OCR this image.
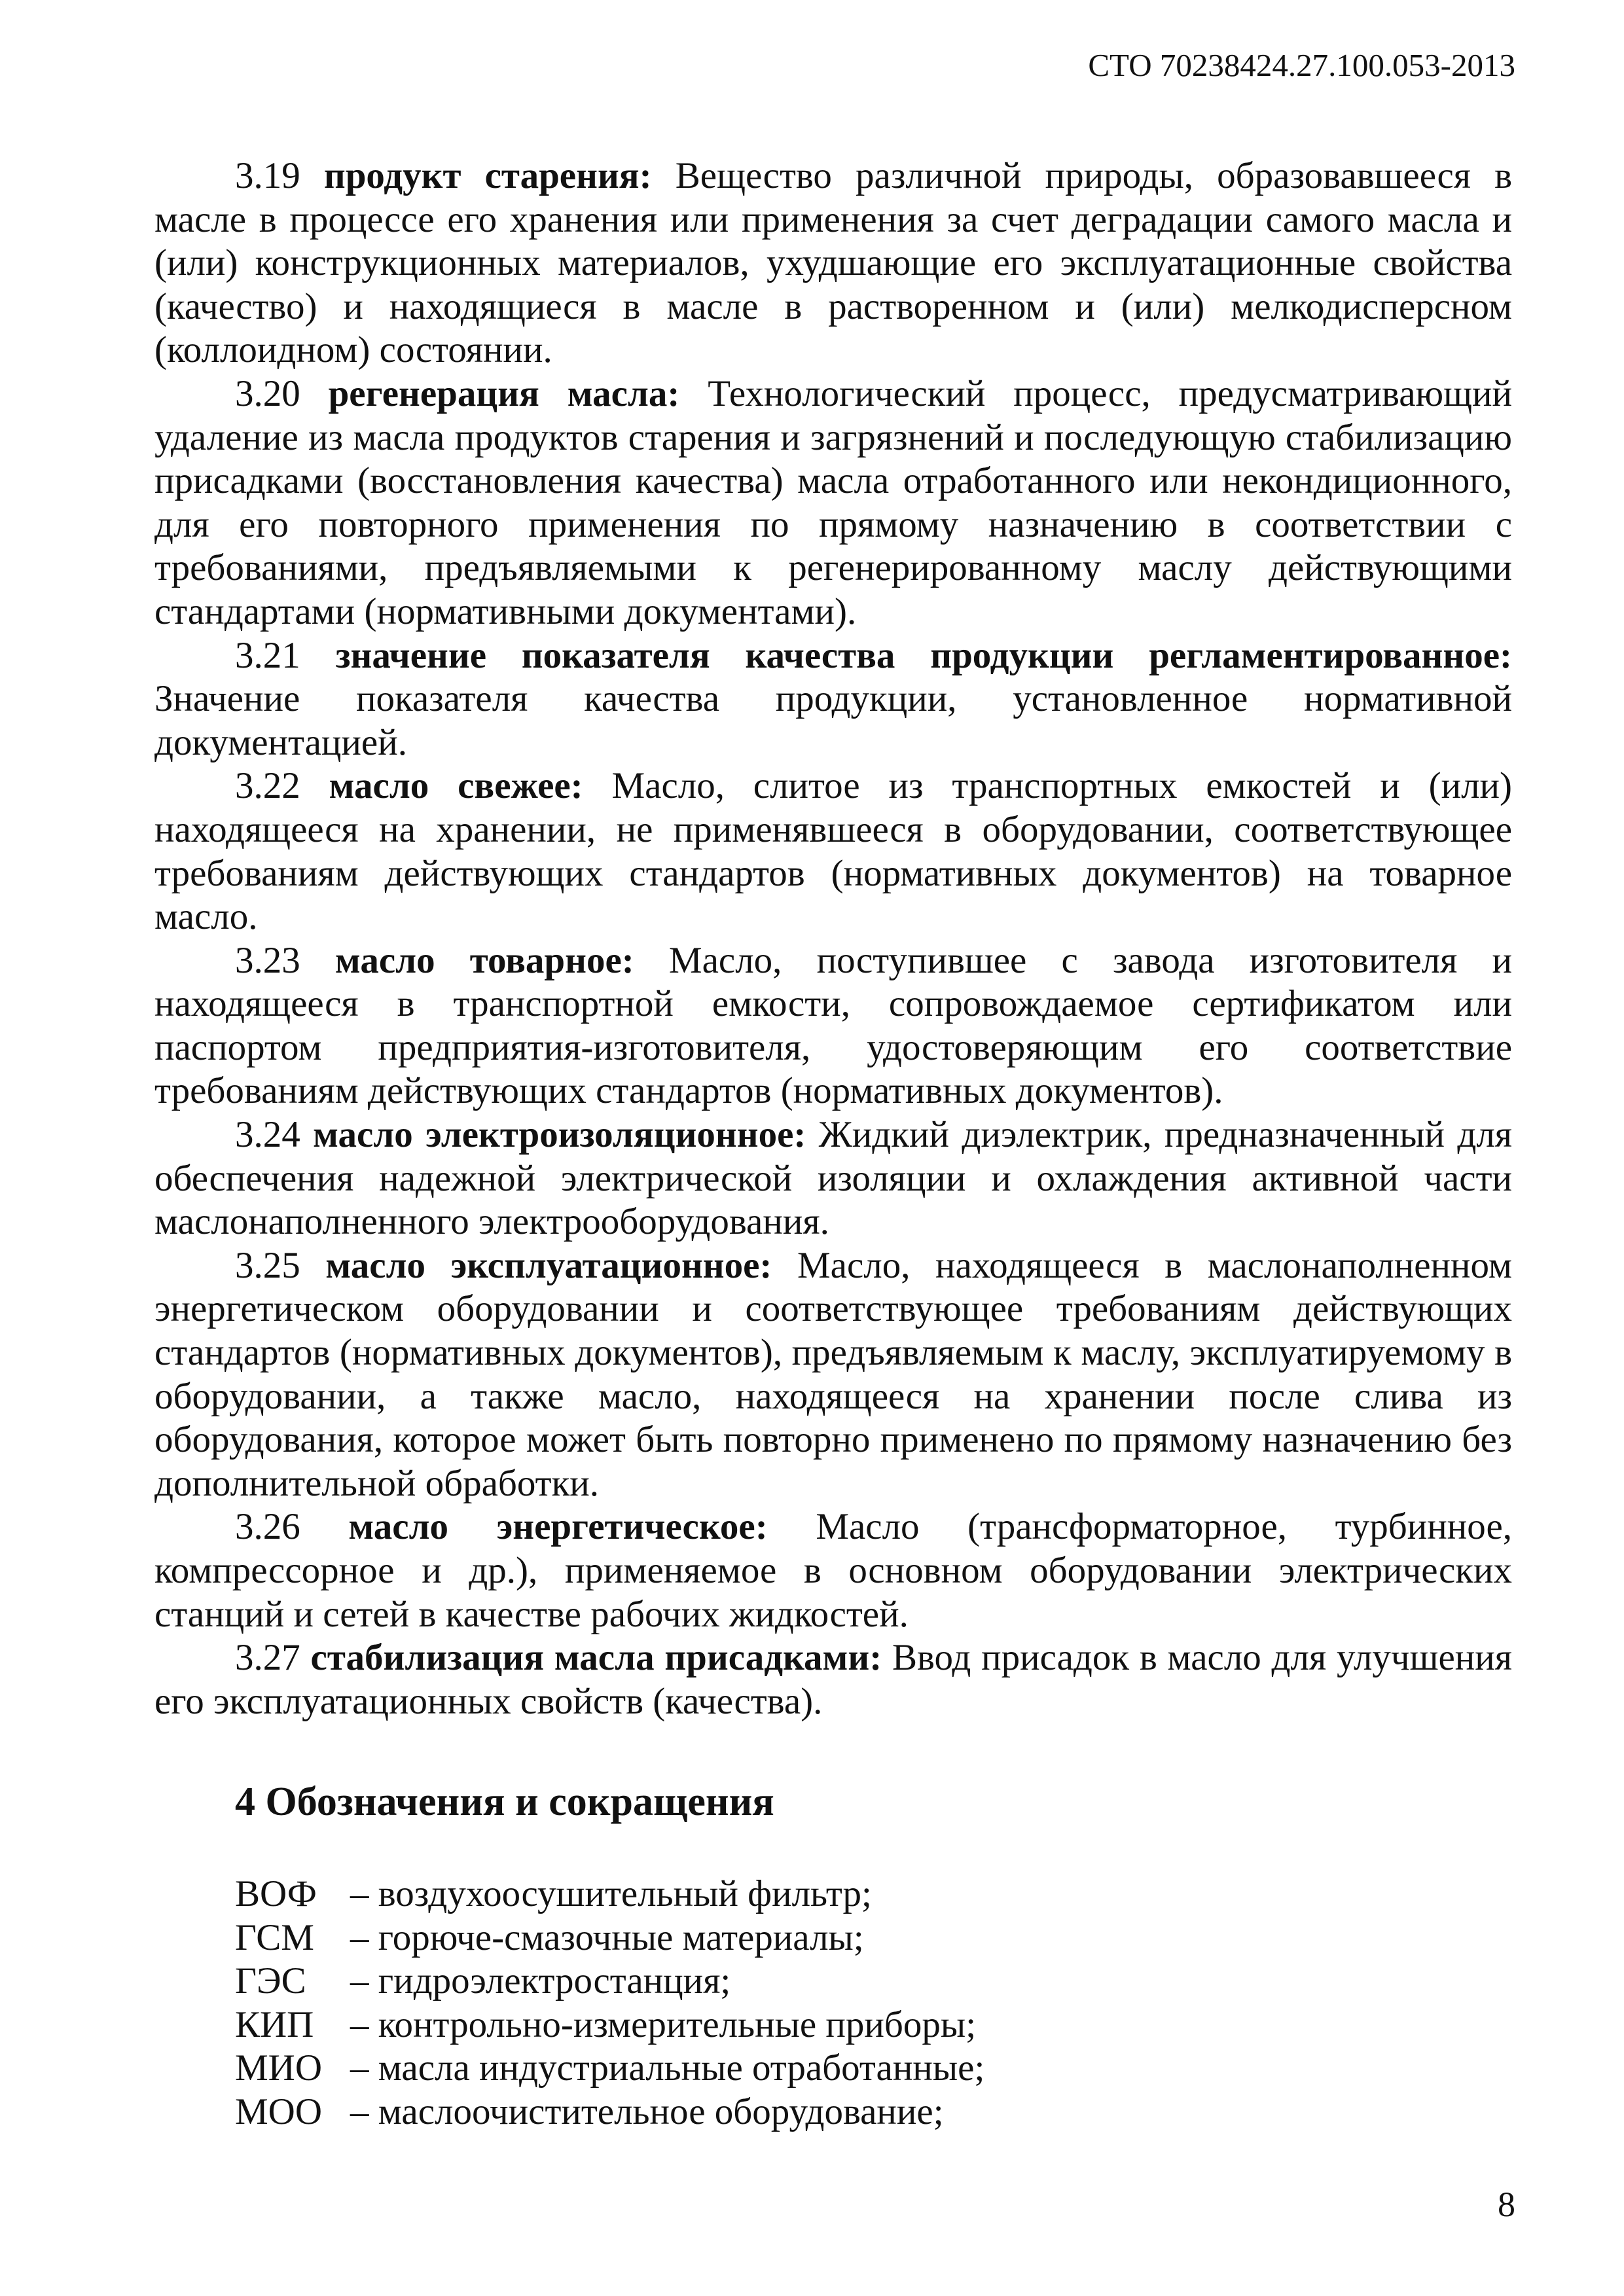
СТО 70238424.27.100.053-2013

3.19 продукт старения: Вещество различной природы, образовавшееся в масле в процессе его хранения или применения за счет деградации самого масла и (или) конструкционных материалов, ухудшающие его эксплуатационные свойства (качество) и находящиеся в масле в растворенном и (или) мелкодисперсном (коллоидном) состоянии.

3.20 регенерация масла: Технологический процесс, предусматривающий удаление из масла продуктов старения и загрязнений и последующую стабилизацию присадками (восстановления качества) масла отработанного или некондиционного, для его повторного применения по прямому назначению в соответствии с требованиями, предъявляемыми к регенерированному маслу действующими стандартами (нормативными документами).

3.21 значение показателя качества продукции регламентированное: Значение показателя качества продукции, установленное нормативной документацией.

3.22 масло свежее: Масло, слитое из транспортных емкостей и (или) находящееся на хранении, не применявшееся в оборудовании, соответствующее требованиям действующих стандартов (нормативных документов) на товарное масло.

3.23 масло товарное: Масло, поступившее с завода изготовителя и находящееся в транспортной емкости, сопровождаемое сертификатом или паспортом предприятия-изготовителя, удостоверяющим его соответствие требованиям действующих стандартов (нормативных документов).

3.24 масло электроизоляционное: Жидкий диэлектрик, предназначенный для обеспечения надежной электрической изоляции и охлаждения активной части маслонаполненного электрооборудования.

3.25 масло эксплуатационное: Масло, находящееся в маслонаполненном энергетическом оборудовании и соответствующее требованиям действующих стандартов (нормативных документов), предъявляемым к маслу, эксплуатируемому в оборудовании, а также масло, находящееся на хранении после слива из оборудования, которое может быть повторно применено по прямому назначению без дополнительной обработки.

3.26 масло энергетическое: Масло (трансформаторное, турбинное, компрессорное и др.), применяемое в основном оборудовании электрических станций и сетей в качестве рабочих жидкостей.

3.27 стабилизация масла присадками: Ввод присадок в масло для улучшения его эксплуатационных свойств (качества).

4 Обозначения и сокращения
ВОФ – воздухоосушительный фильтр;
ГСМ – горюче-смазочные материалы;
ГЭС	– гидроэлектростанция;
КИП – контрольно-измерительные приборы;
МИО – масла индустриальные отработанные;
МОО – маслоочистительное оборудование;
8
